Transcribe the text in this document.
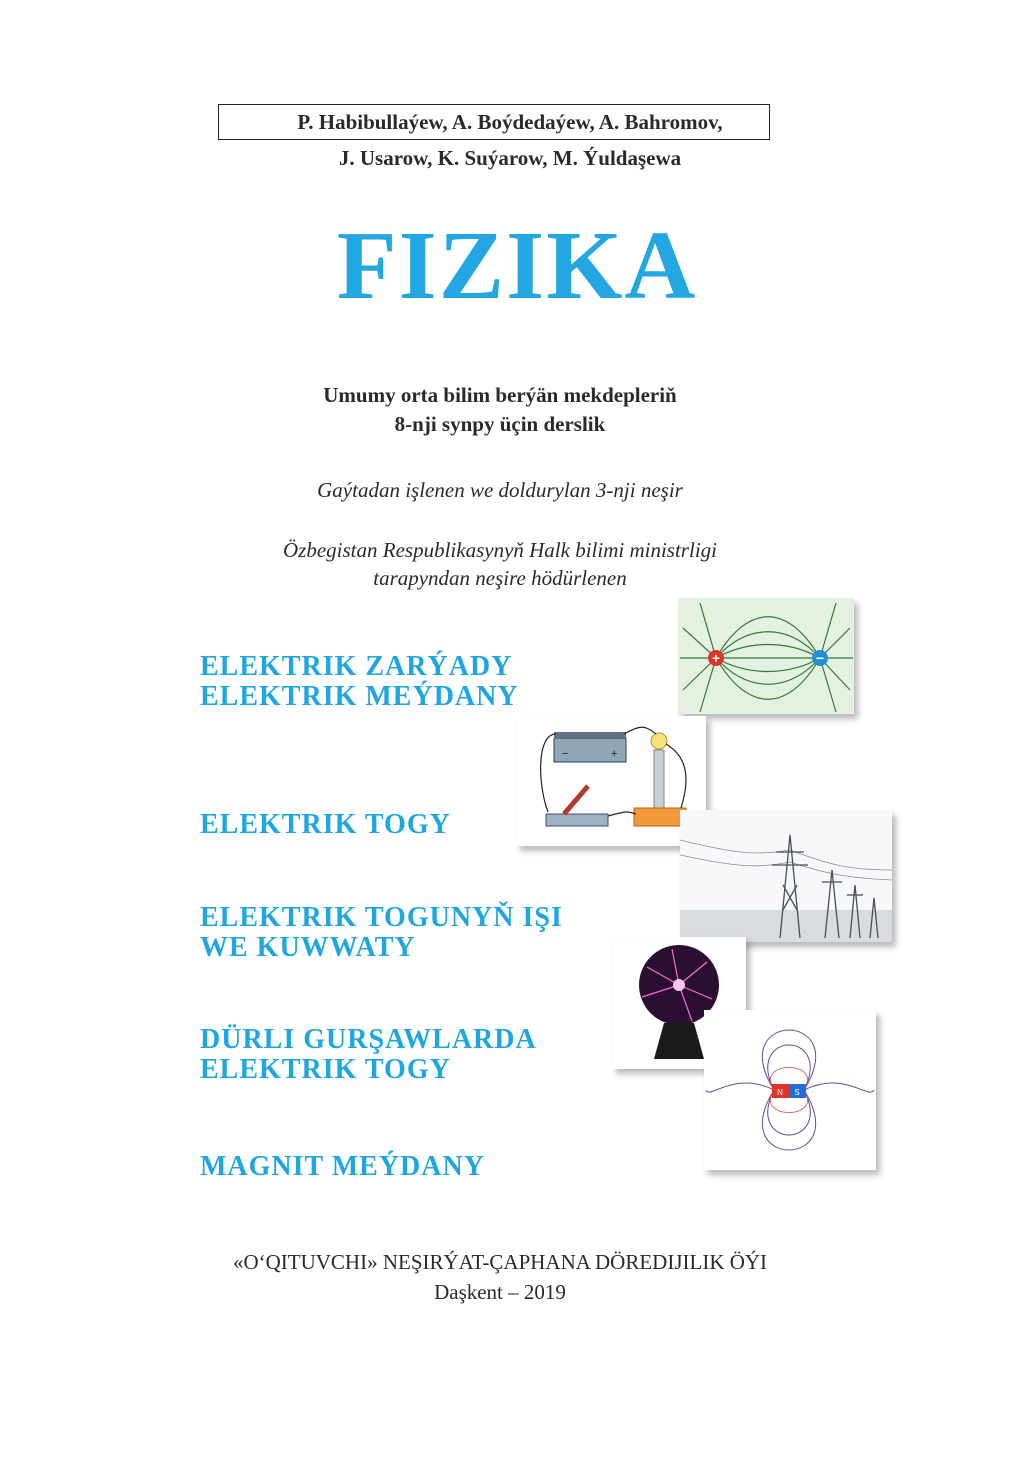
P. Habibullaýew, A. Boýdedaýew, A. Bahromov,
J. Usarow, K. Suýarow, M. Ýuldaşewa
FIZIKA
Umumy orta bilim berýän mekdepleriň
8-nji synpy üçin derslik
Gaýtadan işlenen we doldurylan 3-nji neşir
Özbegistan Respublikasynyň Halk bilimi ministrligi
tarapyndan neşire hödürlenen
ELEKTRIK ZARÝADY
ELEKTRIK MEÝDANY
ELEKTRIK TOGY
ELEKTRIK TOGUNYŇ IŞI
WE KUWWATY
DÜRLI GURŞAWLARDA
ELEKTRIK TOGY
MAGNIT MEÝDANY
+	−
−	+
N S
«O‘QITUVCHI» NEŞIRÝAT-ÇAPHANA DÖREDIJILIK ÖÝI
Daşkent – 2019
